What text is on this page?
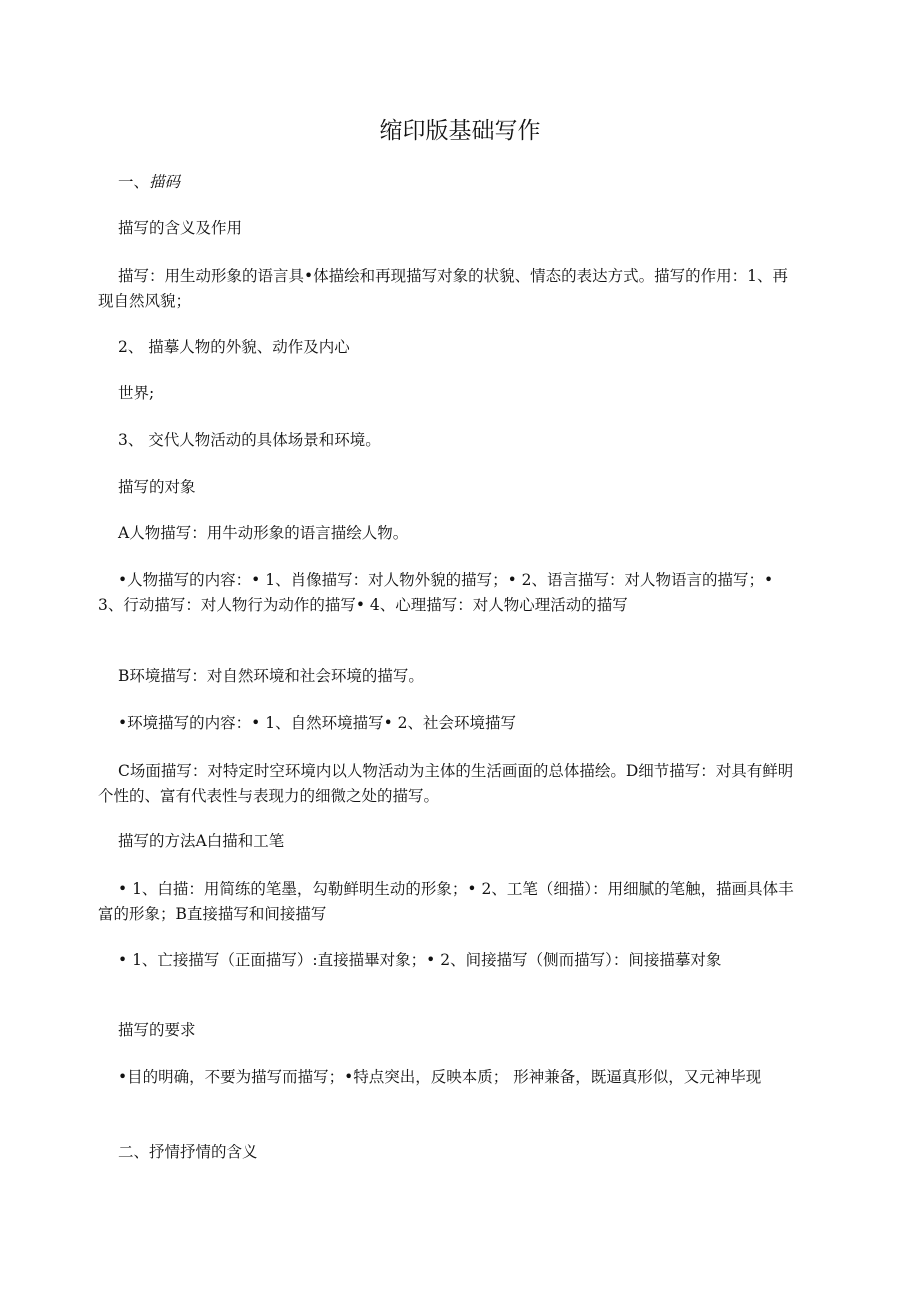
缩印版基础写作

一、描码

描写的含义及作用

描写：用生动形象的语言具•体描绘和再现描写对象的状貌、情态的表达方式。描写的作用：1、再现自然风貌；

2、 描摹人物的外貌、动作及内心

世界;

3、 交代人物活动的具体场景和环境。

描写的对象

A人物描写：用牛动形象的语言描绘人物。

•人物描写的内容：• 1、肖像描写：对人物外貌的描写；• 2、语言描写：对人物语言的描写；• 3、行动描写：对人物行为动作的描写• 4、心理描写：对人物心理活动的描写

B环境描写：对自然环境和社会环境的描写。

•环境描写的内容：• 1、自然环境描写• 2、社会环境描写

C场面描写：对特定时空环境内以人物活动为主体的生活画面的总体描绘。D细节描写：对具有鲜明个性的、富有代表性与表现力的细微之处的描写。

描写的方法A白描和工笔

• 1、白描：用简练的笔墨，勾勒鲜明生动的形象；• 2、工笔（细描）：用细腻的笔触，描画具体丰富的形象；B直接描写和间接描写

• 1、亡接描写（正面描写）:直接描畢对象；• 2、间接描写（侧而描写）：间接描摹对象

描写的要求

•目的明确，不要为描写而描写；•特点突出，反映本质； 形神兼备，既逼真形似，又元神毕现

二、抒情抒情的含义
